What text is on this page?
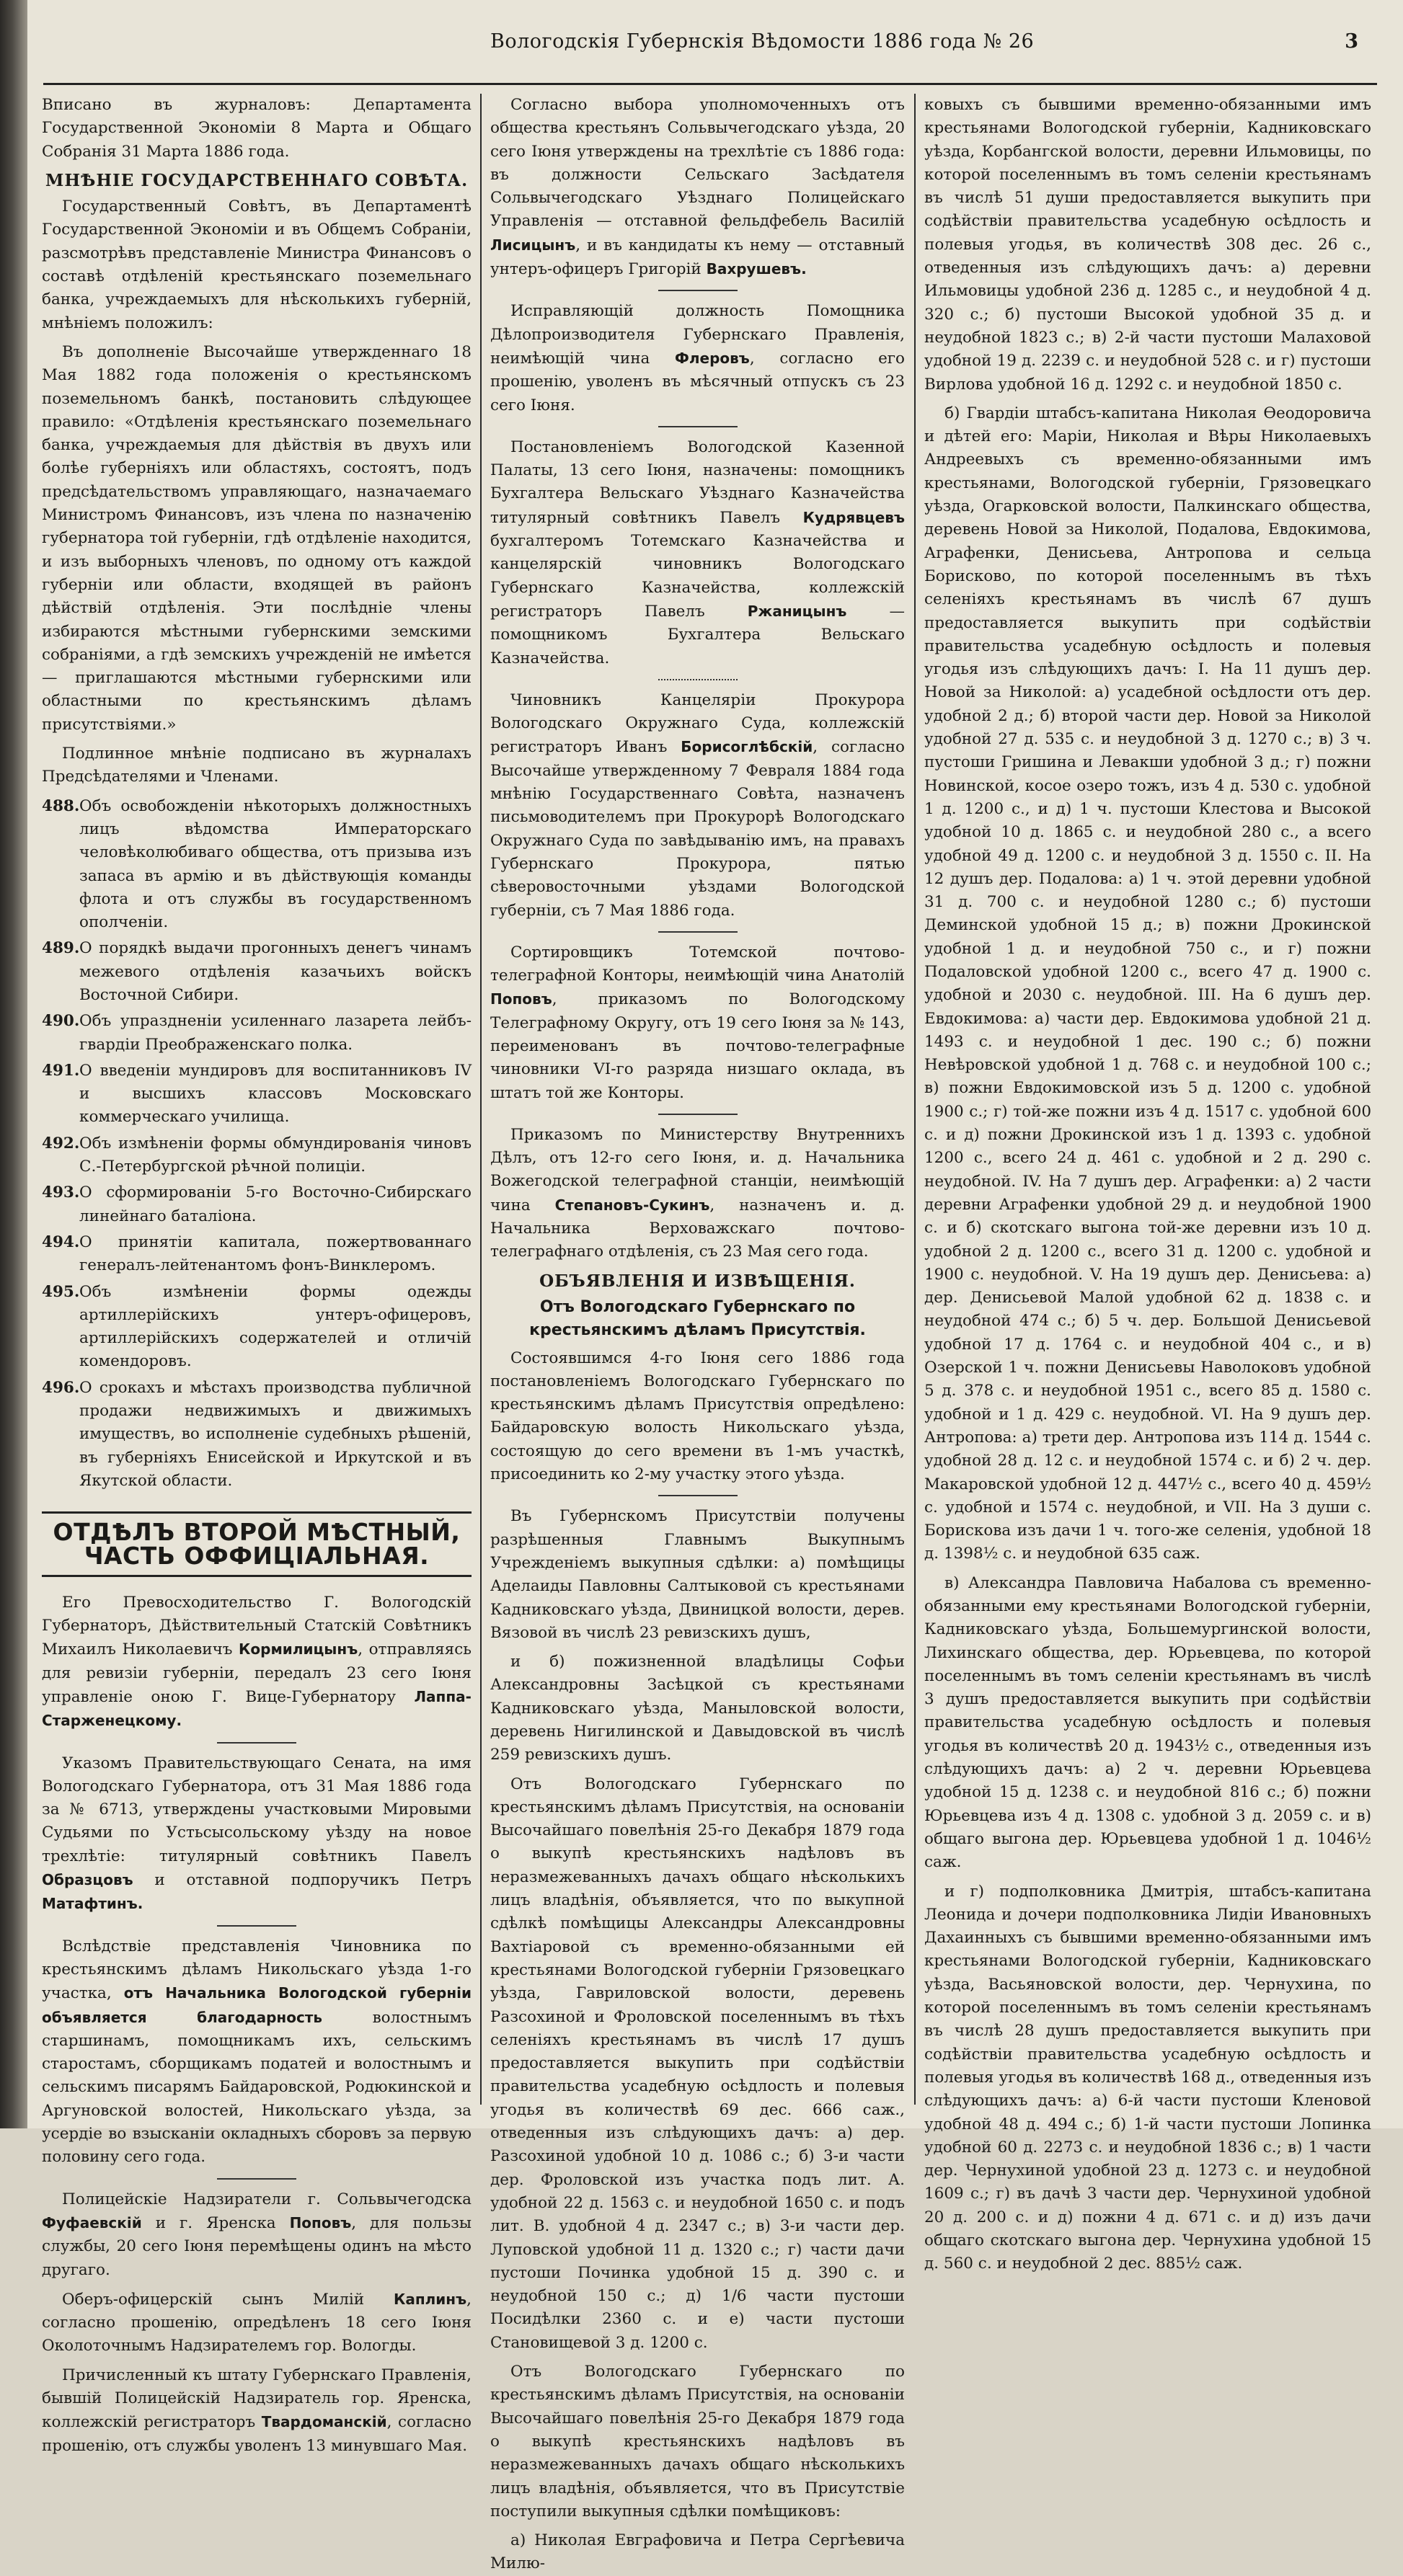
Вологодскія Губернскія Вѣдомости 1886 года № 26	3

Вписано въ журналовъ: Департамента Государственной Экономіи 8 Марта и Общаго Собранія 31 Марта 1886 года.

МНѢНІЕ ГОСУДАРСТВЕННАГО СОВѢТА.

Государственный Совѣтъ, въ Департаментѣ Государственной Экономіи и въ Общемъ Собраніи, разсмотрѣвъ представленіе Министра Финансовъ о составѣ отдѣленій крестьянскаго поземельнаго банка, учреждаемыхъ для нѣсколькихъ губерній, мнѣніемъ положилъ:

Въ дополненіе Высочайше утвержденнаго 18 Мая 1882 года положенія о крестьянскомъ поземельномъ банкѣ, постановить слѣдующее правило: «Отдѣленія крестьянскаго поземельнаго банка, учреждаемыя для дѣйствія въ двухъ или болѣе губерніяхъ или областяхъ, состоятъ, подъ предсѣдательствомъ управляющаго, назначаемаго Министромъ Финансовъ, изъ члена по назначенію губернатора той губерніи, гдѣ отдѣленіе находится, и изъ выборныхъ членовъ, по одному отъ каждой губерніи или области, входящей въ районъ дѣйствій отдѣленія. Эти послѣдніе члены избираются мѣстными губернскими земскими собраніями, а гдѣ земскихъ учрежденій не имѣется — приглашаются мѣстными губернскими или областными по крестьянскимъ дѣламъ присутствіями.»

Подлинное мнѣніе подписано въ журналахъ Предсѣдателями и Членами.

488. Объ освобожденіи нѣкоторыхъ должностныхъ лицъ вѣдомства Императорскаго человѣколюбиваго общества, отъ призыва изъ запаса въ армію и въ дѣйствующія команды флота и отъ службы въ государственномъ ополченіи.
489. О порядкѣ выдачи прогонныхъ денегъ чинамъ межевого отдѣленія казачьихъ войскъ Восточной Сибири.
490. Объ упраздненіи усиленнаго лазарета лейбъ-гвардіи Преображенскаго полка.
491. О введеніи мундировъ для воспитанниковъ IV и высшихъ классовъ Московскаго коммерческаго училища.
492. Объ измѣненіи формы обмундированія чиновъ С.-Петербургской рѣчной полиціи.
493. О сформированіи 5-го Восточно-Сибирскаго линейнаго баталіона.
494. О принятіи капитала, пожертвованнаго генералъ-лейтенантомъ фонъ-Винклеромъ.
495. Объ измѣненіи формы одежды артиллерійскихъ унтеръ-офицеровъ, артиллерійскихъ содержателей и отличій комендоровъ.
496. О срокахъ и мѣстахъ производства публичной продажи недвижимыхъ и движимыхъ имуществъ, во исполненіе судебныхъ рѣшеній, въ губерніяхъ Енисейской и Иркутской и въ Якутской области.
ОТДѢЛЪ ВТОРОЙ МѢСТНЫЙ, ЧАСТЬ ОФФИЦІАЛЬНАЯ.

Его Превосходительство Г. Вологодскій Губернаторъ, Дѣйствительный Статскій Совѣтникъ Михаилъ Николаевичъ Кормилицынъ, отправляясь для ревизіи губерніи, передалъ 23 сего Іюня управленіе оною Г. Вице-Губернатору Лаппа-Старженецкому.

Указомъ Правительствующаго Сената, на имя Вологодскаго Губернатора, отъ 31 Мая 1886 года за № 6713, утверждены участковыми Мировыми Судьями по Устьсысольскому уѣзду на новое трехлѣтіе: титулярный совѣтникъ Павелъ Образцовъ и отставной подпоручикъ Петръ Матафтинъ.

Вслѣдствіе представленія Чиновника по крестьянскимъ дѣламъ Никольскаго уѣзда 1-го участка, отъ Начальника Вологодской губерніи объявляется благодарность	волостнымъ старшинамъ, помощникамъ ихъ, сельскимъ старостамъ, сборщикамъ податей и волостнымъ и сельскимъ писарямъ Байдаровской, Родюкинской и Аргуновской волостей, Никольскаго уѣзда, за усердіе во взысканіи окладныхъ сборовъ за первую половину сего года.

Полицейскіе Надзиратели г. Сольвычегодска Фуфаевскій и г. Яренска Поповъ, для пользы службы, 20 сего Іюня перемѣщены одинъ на мѣсто другаго.

Оберъ-офицерскій сынъ Милій Каплинъ, согласно прошенію, опредѣленъ 18 сего Іюня Околоточнымъ Надзирателемъ гор. Вологды.

Причисленный къ штату Губернскаго Правленія, бывшій Полицейскій Надзиратель гор. Яренска, коллежскій регистраторъ Твардоманскій, согласно прошенію, отъ службы уволенъ 13 минувшаго Мая.

Согласно выбора уполномоченныхъ отъ общества крестьянъ Сольвычегодскаго уѣзда, 20 сего Іюня утверждены на трехлѣтіе съ 1886 года: въ должности Сельскаго Засѣдателя Сольвычегодскаго Уѣзднаго Полицейскаго Управленія — отставной фельдфебель Василій Лисицынъ, и въ кандидаты къ нему — отставный унтеръ-офицеръ Григорій Вахрушевъ.

Исправляющій должность Помощника Дѣлопроизводителя Губернскаго Правленія, неимѣющій чина Флеровъ, согласно его прошенію, уволенъ въ мѣсячный отпускъ съ 23 сего Іюня.

Постановленіемъ Вологодской Казенной Палаты, 13 сего Іюня, назначены: помощникъ Бухгалтера Вельскаго Уѣзднаго Казначейства титулярный совѣтникъ Павелъ Кудрявцевъ бухгалтеромъ Тотемскаго Казначейства и канцелярскій чиновникъ Вологодскаго Губернскаго Казначейства, коллежскій регистраторъ Павелъ	Ржаницынъ	— помощникомъ Бухгалтера Вельскаго Казначейства.

Чиновникъ Канцеляріи Прокурора Вологодскаго Окружнаго Суда, коллежскій регистраторъ Иванъ Борисоглѣбскій, согласно Высочайше утвержденному 7 Февраля 1884 года мнѣнію Государственнаго Совѣта, назначенъ письмоводителемъ при Прокурорѣ Вологодскаго Окружнаго Суда по завѣдыванію имъ, на правахъ Губернскаго Прокурора, пятью сѣверовосточными уѣздами Вологодской губерніи, съ 7 Мая 1886 года.

Сортировщикъ Тотемской почтово-телеграфной Конторы, неимѣющій чина Анатолій Поповъ, приказомъ по Вологодскому Телеграфному Округу, отъ 19 сего Іюня за № 143, переименованъ въ почтово-телеграфные чиновники VI-го разряда низшаго оклада, въ штатъ той же Конторы.

Приказомъ по Министерству Внутреннихъ Дѣлъ, отъ 12-го сего Іюня, и. д. Начальника Вожегодской телеграфной станціи, неимѣющій чина Степановъ-Сукинъ, назначенъ и. д. Начальника Верховажскаго почтово-телеграфнаго отдѣленія, съ 23 Мая сего года.

ОБЪЯВЛЕНІЯ И ИЗВѢЩЕНІЯ.
Отъ Вологодскаго Губернскаго по крестьянскимъ дѣламъ Присутствія.

Состоявшимся 4-го Іюня сего 1886 года постановленіемъ Вологодскаго Губернскаго по крестьянскимъ дѣламъ Присутствія опредѣлено: Байдаровскую волость Никольскаго уѣзда, состоящую до сего времени въ 1-мъ участкѣ, присоединить ко 2-му участку этого уѣзда.

Въ Губернскомъ Присутствіи получены разрѣшенныя Главнымъ Выкупнымъ Учрежденіемъ выкупныя сдѣлки: а) помѣщицы Аделаиды Павловны Салтыковой съ крестьянами Кадниковскаго уѣзда, Двиницкой волости, дерев. Вязовой въ числѣ 23 ревизскихъ душъ,

и б) пожизненной владѣлицы Софьи Александровны Засѣцкой съ крестьянами Кадниковскаго уѣзда, Маныловской волости, деревень Нигилинской и Давыдовской въ числѣ 259 ревизскихъ душъ.

Отъ Вологодскаго Губернскаго по крестьянскимъ дѣламъ Присутствія, на основаніи Высочайшаго повелѣнія 25-го Декабря 1879 года о выкупѣ крестьянскихъ надѣловъ въ неразмежеванныхъ дачахъ общаго нѣсколькихъ лицъ владѣнія, объявляется, что по выкупной сдѣлкѣ помѣщицы Александры Александровны Вахтіаровой съ временно-обязанными ей крестьянами Вологодской губерніи Грязовецкаго уѣзда, Гавриловской волости, деревень Разсохиной и Фроловской поселеннымъ въ тѣхъ селеніяхъ крестьянамъ въ числѣ 17 душъ предоставляется выкупить при содѣйствіи правительства усадебную осѣдлость и полевыя угодья въ количествѣ 69 дес. 666 саж., отведенныя изъ слѣдующихъ дачъ: а) дер. Разсохиной удобной 10 д. 1086 с.; б) 3-и части дер. Фроловской изъ участка подъ лит. А. удобной 22 д. 1563 с. и неудобной 1650 с. и подъ лит. В. удобной 4 д. 2347 с.; в) 3-и части дер. Луповской удобной 11 д. 1320 с.; г) части дачи пустоши Починка удобной 15 д. 390 с. и неудобной 150 с.; д) 1/6 части пустоши Посидѣлки 2360 с. и е) части пустоши Становищевой 3 д. 1200 с.

Отъ Вологодскаго Губернскаго по крестьянскимъ дѣламъ Присутствія, на основаніи Высочайшаго повелѣнія 25-го Декабря 1879 года о выкупѣ крестьянскихъ надѣловъ въ неразмежеванныхъ дачахъ общаго нѣсколькихъ лицъ владѣнія, объявляется, что въ Присутствіе поступили выкупныя сдѣлки помѣщиковъ:

а) Николая Евграфовича и Петра Сергѣевича Милю-

ковыхъ съ бывшими временно-обязанными имъ крестьянами Вологодской губерніи, Кадниковскаго уѣзда, Корбангской волости, деревни Ильмовицы, по которой поселеннымъ въ томъ селеніи крестьянамъ въ числѣ 51 души предоставляется выкупить при содѣйствіи правительства усадебную осѣдлость и полевыя угодья, въ количествѣ 308 дес. 26 с., отведенныя изъ слѣдующихъ дачъ: а) деревни Ильмовицы удобной 236 д. 1285 с., и неудобной 4 д. 320 с.; б) пустоши Высокой удобной 35 д. и неудобной 1823 с.; в) 2-й части пустоши Малаховой удобной 19 д. 2239 с. и неудобной 528 с. и г) пустоши Вирлова удобной 16 д. 1292 с. и неудобной 1850 с.

б) Гвардіи штабсъ-капитана Николая Ѳеодоровича и дѣтей его: Маріи, Николая и Вѣры Николаевыхъ Андреевыхъ съ временно-обязанными имъ крестьянами, Вологодской губерніи, Грязовецкаго уѣзда, Огарковской волости, Палкинскаго общества, деревень Новой за Николой, Подалова, Евдокимова, Аграфенки, Денисьева, Антропова и сельца Борисково, по которой поселеннымъ въ тѣхъ селеніяхъ крестьянамъ въ числѣ 67 душъ предоставляется выкупить при содѣйствіи правительства усадебную осѣдлость и полевыя угодья изъ слѣдующихъ дачъ: I. На 11 душъ дер. Новой за Николой: а) усадебной осѣдлости отъ дер. удобной 2 д.; б) второй части дер. Новой за Николой удобной 27 д. 535 с. и неудобной 3 д. 1270 с.; в) 3 ч. пустоши Гришина и Левакши удобной 3 д.; г) пожни Новинской, косое озеро тожъ, изъ 4 д. 530 с. удобной 1 д. 1200 с., и д) 1 ч. пустоши Клестова и Высокой удобной 10 д. 1865 с. и неудобной 280 с., а всего удобной 49 д. 1200 с. и неудобной 3 д. 1550 с. II. На 12 душъ дер. Подалова: а) 1 ч. этой деревни удобной 31 д. 700 с. и неудобной 1280 с.; б) пустоши Деминской удобной 15 д.; в) пожни Дрокинской удобной 1 д. и неудобной 750 с., и г) пожни Подаловской удобной 1200 с., всего 47 д. 1900 с. удобной и 2030 с. неудобной. III. На 6 душъ дер. Евдокимова: а) части дер. Евдокимова удобной 21 д. 1493 с. и неудобной 1 дес. 190 с.; б) пожни Невѣровской удобной 1 д. 768 с. и неудобной 100 с.; в) пожни Евдокимовской изъ 5 д. 1200 с. удобной 1900 с.; г) той-же пожни изъ 4 д. 1517 с. удобной 600 с. и д) пожни Дрокинской изъ 1 д. 1393 с. удобной 1200 с., всего 24 д. 461 с. удобной и 2 д. 290 с. неудобной. IV. На 7 душъ дер. Аграфенки: а) 2 части деревни Аграфенки удобной 29 д. и неудобной 1900 с. и б) скотскаго выгона той-же деревни изъ 10 д. удобной 2 д. 1200 с., всего 31 д. 1200 с. удобной и 1900 с. неудобной. V. На 19 душъ дер. Денисьева: а) дер. Денисьевой Малой удобной 62 д. 1838 с. и неудобной 474 с.; б) 5 ч. дер. Большой Денисьевой удобной 17 д. 1764 с. и неудобной 404 с., и в) Озерской 1 ч. пожни Денисьевы Наволоковъ удобной 5 д. 378 с. и неудобной 1951 с., всего 85 д. 1580 с. удобной и 1 д. 429 с. неудобной. VI. На 9 душъ дер. Антропова: а) трети дер. Антропова изъ 114 д. 1544 с. удобной 28 д. 12 с. и неудобной 1574 с. и б) 2 ч. дер. Макаровской удобной 12 д. 447½ с., всего 40 д. 459½ с. удобной и 1574 с. неудобной, и VII. На 3 души с. Борискова изъ дачи 1 ч. того-же селенія, удобной 18 д. 1398½ с. и неудобной 635 саж.

в) Александра Павловича Набалова съ временно-обязанными ему крестьянами Вологодской губерніи, Кадниковскаго уѣзда, Большемургинской волости, Лихинскаго общества, дер. Юрьевцева, по которой поселеннымъ въ томъ селеніи крестьянамъ въ числѣ 3 душъ предоставляется выкупить при содѣйствіи правительства усадебную осѣдлость и полевыя угодья въ количествѣ 20 д. 1943½ с., отведенныя изъ слѣдующихъ дачъ: а) 2 ч. деревни Юрьевцева удобной 15 д. 1238 с. и неудобной 816 с.; б) пожни Юрьевцева изъ 4 д. 1308 с. удобной 3 д. 2059 с. и в) общаго выгона дер. Юрьевцева удобной 1 д. 1046½ саж.

и г) подполковника Дмитрія, штабсъ-капитана Леонида и дочери подполковника Лидіи Ивановныхъ Дахаинныхъ съ бывшими временно-обязанными имъ крестьянами Вологодской губерніи, Кадниковскаго уѣзда, Васьяновской волости, дер. Чернухина, по которой поселеннымъ въ томъ селеніи крестьянамъ въ числѣ 28 душъ предоставляется выкупить при содѣйствіи правительства усадебную осѣдлость и полевыя угодья въ количествѣ 168 д., отведенныя изъ слѣдующихъ дачъ: а) 6-й части пустоши Кленовой удобной 48 д. 494 с.; б) 1-й части пустоши Лопинка удобной 60 д. 2273 с. и неудобной 1836 с.; в) 1 части дер. Чернухиной удобной 23 д. 1273 с. и неудобной 1609 с.; г) въ дачѣ 3 части дер. Чернухиной удобной 20 д. 200 с. и д) пожни 4 д. 671 с. и д) изъ дачи общаго скотскаго выгона дер. Чернухина удобной 15 д. 560 с. и неудобной 2 дес. 885½ саж.
